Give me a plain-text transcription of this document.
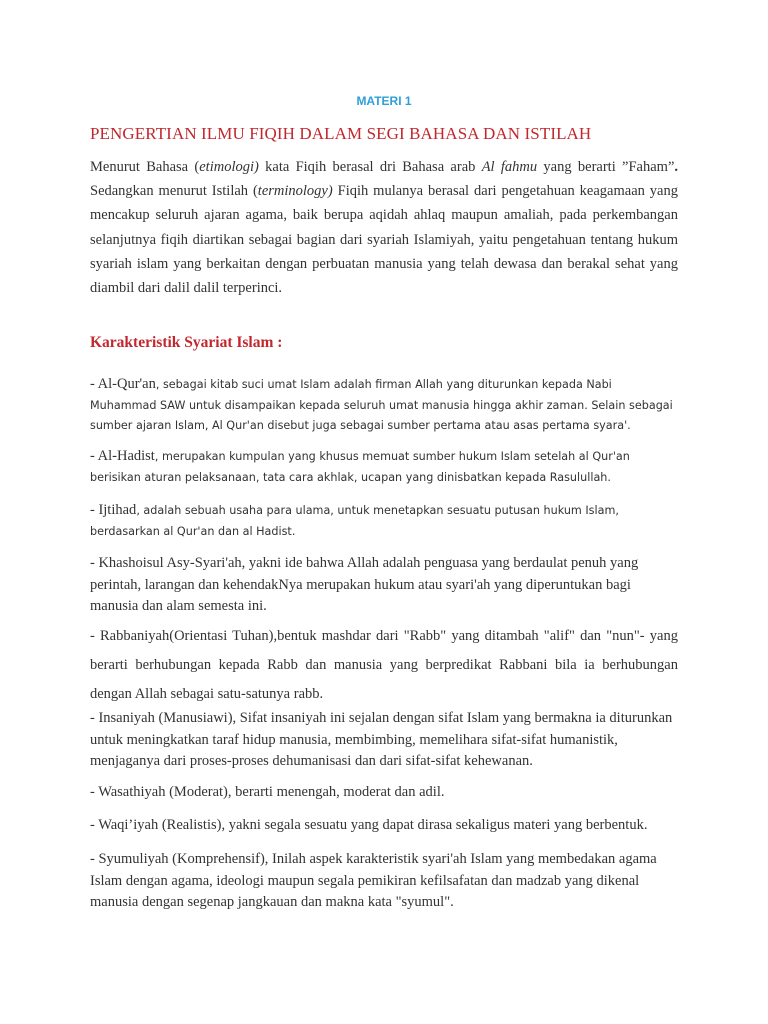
MATERI 1
PENGERTIAN ILMU FIQIH DALAM SEGI BAHASA DAN ISTILAH
Menurut Bahasa (etimologi) kata Fiqih berasal dri Bahasa arab Al fahmu yang berarti ”Faham”. Sedangkan menurut Istilah (terminology) Fiqih mulanya berasal dari pengetahuan keagamaan yang mencakup seluruh ajaran agama, baik berupa aqidah ahlaq maupun amaliah, pada perkembangan selanjutnya fiqih diartikan sebagai bagian dari syariah Islamiyah, yaitu pengetahuan tentang hukum syariah islam yang berkaitan dengan perbuatan manusia yang telah dewasa dan berakal sehat yang diambil dari dalil dalil terperinci.
Karakteristik Syariat Islam :
- Al-Qur'an, sebagai kitab suci umat Islam adalah firman Allah yang diturunkan kepada Nabi Muhammad SAW untuk disampaikan kepada seluruh umat manusia hingga akhir zaman. Selain sebagai sumber ajaran Islam, Al Qur'an disebut juga sebagai sumber pertama atau asas pertama syara'.
- Al-Hadist, merupakan kumpulan yang khusus memuat sumber hukum Islam setelah al Qur'an berisikan aturan pelaksanaan, tata cara akhlak, ucapan yang dinisbatkan kepada Rasulullah.
- Ijtihad, adalah sebuah usaha para ulama, untuk menetapkan sesuatu putusan hukum Islam, berdasarkan al Qur'an dan al Hadist.
- Khashoisul Asy-Syari'ah, yakni ide bahwa Allah adalah penguasa yang berdaulat penuh yang perintah, larangan dan kehendakNya merupakan hukum atau syari'ah yang diperuntukan bagi manusia dan alam semesta ini.
- Rabbaniyah(Orientasi Tuhan),bentuk mashdar dari "Rabb" yang ditambah "alif" dan "nun"- yang berarti berhubungan kepada Rabb dan manusia yang berpredikat Rabbani bila ia berhubungan dengan Allah sebagai satu-satunya rabb.
- Insaniyah (Manusiawi), Sifat insaniyah ini sejalan dengan sifat Islam yang bermakna ia diturunkan untuk meningkatkan taraf hidup manusia, membimbing, memelihara sifat-sifat humanistik, menjaganya dari proses-proses dehumanisasi dan dari sifat-sifat kehewanan.
- Wasathiyah (Moderat), berarti menengah, moderat dan adil.
- Waqi’iyah (Realistis), yakni segala sesuatu yang dapat dirasa sekaligus materi yang berbentuk.
- Syumuliyah (Komprehensif), Inilah aspek karakteristik syari'ah Islam yang membedakan agama Islam dengan agama, ideologi maupun segala pemikiran kefilsafatan dan madzab yang dikenal manusia dengan segenap jangkauan dan makna kata "syumul".
